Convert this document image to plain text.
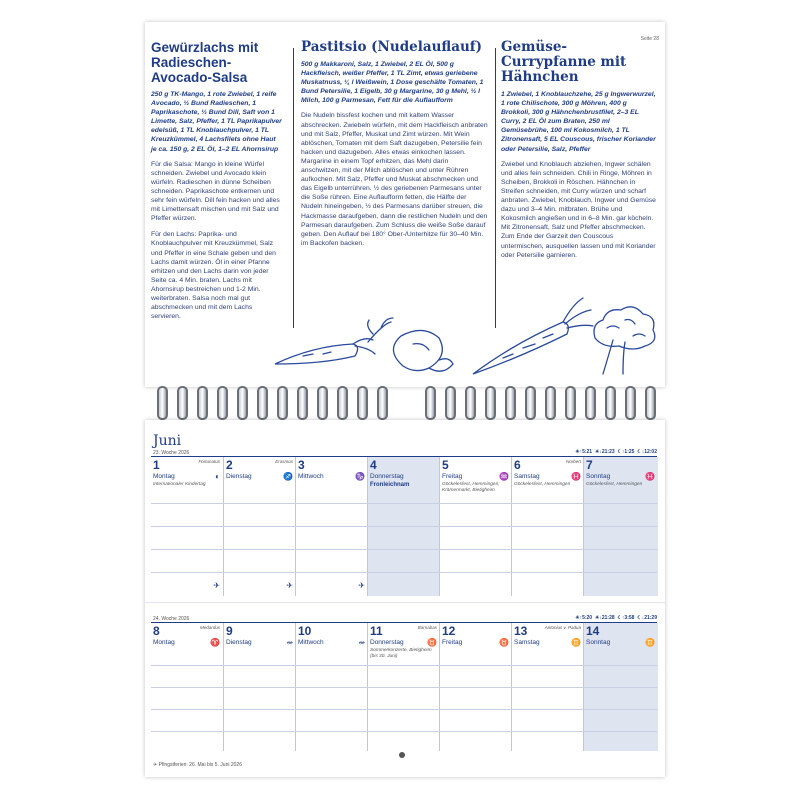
Seite 28
Gewürzlachs mit Radieschen-Avocado-Salsa

250 g TK-Mango, 1 rote Zwiebel, 1 reife Avocado, ½ Bund Radieschen, 1 Paprikaschote, ½ Bund Dill, Saft von 1 Limette, Salz, Pfeffer, 1 TL Paprikapulver edelsüß, 1 TL Knoblauchpulver, 1 TL Kreuzkümmel, 4 Lachsfilets ohne Haut je ca. 150 g, 2 EL Öl, 1–2 EL Ahornsirup

Für die Salsa: Mango in kleine Würfel schneiden. Zwiebel und Avocado klein würfeln. Radieschen in dünne Scheiben schneiden. Paprikaschote entkernen und sehr fein würfeln. Dill fein hacken und alles mit Limettensaft mischen und mit Salz und Pfeffer würzen.

Für den Lachs: Paprika- und Knoblauchpulver mit Kreuzkümmel, Salz und Pfeffer in eine Schale geben und den Lachs damit würzen. Öl in einer Pfanne erhitzen und den Lachs darin von jeder Seite ca. 4 Min. braten. Lachs mit Ahornsirup bestreichen und 1-2 Min. weiterbraten. Salsa noch mal gut abschmecken und mit dem Lachs servieren.

Pastitsio (Nudelauflauf)

500 g Makkaroni, Salz, 1 Zwiebel, 2 EL Öl, 500 g Hackfleisch, weißer Pfeffer, 1 TL Zimt, etwas geriebene Muskatnuss, ¼ l Weißwein, 1 Dose geschälte Tomaten, 1 Bund Petersilie, 1 Eigelb, 30 g Margarine, 30 g Mehl, ½ l Milch, 100 g Parmesan, Fett für die Auflaufform

Die Nudeln bissfest kochen und mit kaltem Wasser abschrecken. Zwiebeln würfeln, mit dem Hackfleisch anbraten und mit Salz, Pfeffer, Muskat und Zimt würzen. Mit Wein ablöschen, Tomaten mit dem Saft dazugeben, Petersilie fein hacken und dazugeben. Alles etwas einkochen lassen. Margarine in einem Topf erhitzen, das Mehl darin anschwitzen, mit der Milch ablöschen und unter Rühren aufkochen. Mit Salz, Pfeffer und Muskat abschmecken und das Eigelb unterrühren. ½ des geriebenen Parmesans unter die Soße rühren. Eine Auflaufform fetten, die Hälfte der Nudeln hineingeben, ½ des Parmesans darüber streuen, die Hackmasse daraufgeben, dann die restlichen Nudeln und den Parmesan daraufgeben. Zum Schluss die weiße Soße darauf geben. Den Auflauf bei 180° Ober-/Unterhitze für 30–40 Min. im Backofen backen.

Gemüse-Currypfanne mit Hähnchen

1 Zwiebel, 1 Knoblauchzehe, 25 g Ingwerwurzel, 1 rote Chilischote, 300 g Möhren, 400 g Brokkoli, 300 g Hähnchenbrustfilet, 2–3 EL Curry, 2 EL Öl zum Braten, 250 ml Gemüsebrühe, 100 ml Kokosmilch, 1 TL Zitronensaft, 5 EL Couscous, frischer Koriander oder Petersilie, Salz, Pfeffer

Zwiebel und Knoblauch abziehen, Ingwer schälen und alles fein schneiden. Chili in Ringe, Möhren in Scheiben, Brokkoli in Röschen. Hähnchen in Streifen schneiden, mit Curry würzen und scharf anbraten. Zwiebel, Knoblauch, Ingwer und Gemüse dazu und 3–4 Min. mitbraten. Brühe und Kokosmilch angießen und in 6–8 Min. gar köcheln. Mit Zitronensaft, Salz und Pfeffer abschmecken. Zum Ende der Garzeit den Couscous untermischen, ausquellen lassen und mit Koriander oder Petersilie garnieren.

Juni
23. Woche 2026	☀↑5:21 ☀↓21:23 ☾↑1:25 ☾↓12:02
1	Fortunatus
Montag
Internationaler Kindertag
◐
✈
2	Erasmus
Dienstag	♐
✈
3
Mittwoch	♑
✈
4
Donnerstag
Fronleichnam
5
Freitag
Göckelesfest, Hemmingen; Krämermarkt, Bietigheim
♒
6	Norbert
Samstag
Göckelesfest, Hemmingen
♓
7
Sonntag
Göckelesfest, Hemmingen
♓
24. Woche 2026	☀↑5:20 ☀↓21:28 ☾↑3:58 ☾↓21:29
8	Medardus
Montag	♈
9
Dienstag	⥈
10
Mittwoch	⥈
11	Barnabas
Donnerstag
Sommerkonzerte, Bietigheim (bis 30. Juni)
♉
12
Freitag	♉
13	Antonius v. Padua
Samstag	♊
14
Sonntag	♊
✈ Pfingstferien: 26. Mai bis 5. Juni 2026
